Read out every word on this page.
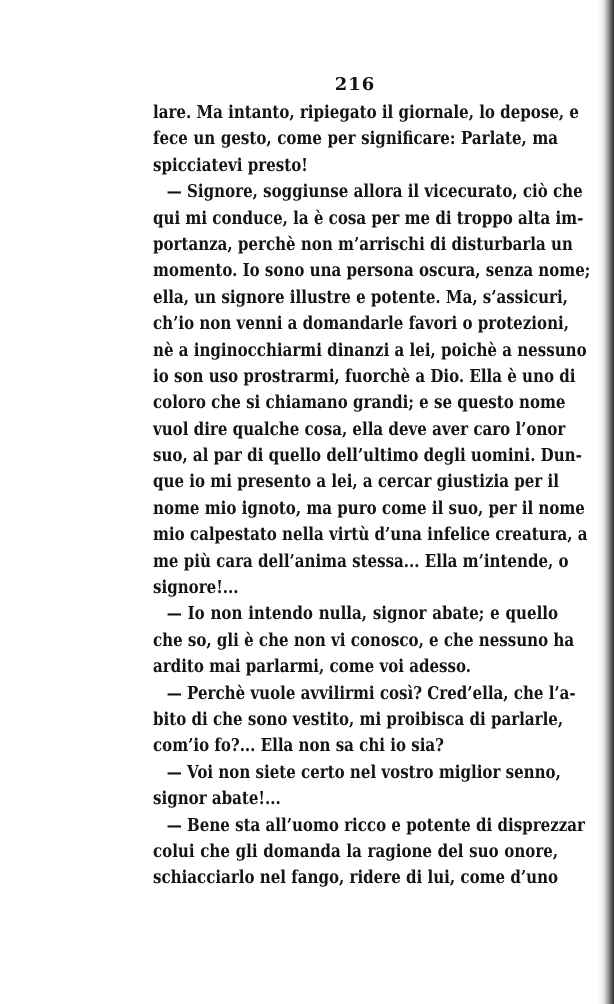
216
lare. Ma intanto, ripiegato il giornale, lo depose, e
fece un gesto, come per significare: Parlate, ma
spicciatevi presto!
— Signore, soggiunse allora il vicecurato, ciò che
qui mi conduce, la è cosa per me di troppo alta im-
portanza, perchè non m’arrischi di disturbarla un
momento. Io sono una persona oscura, senza nome;
ella, un signore illustre e potente. Ma, s’assicuri,
ch’io non venni a domandarle favori o protezioni,
nè a inginocchiarmi dinanzi a lei, poichè a nessuno
io son uso prostrarmi, fuorchè a Dio. Ella è uno di
coloro che si chiamano grandi; e se questo nome
vuol dire qualche cosa, ella deve aver caro l’onor
suo, al par di quello dell’ultimo degli uomini. Dun-
que io mi presento a lei, a cercar giustizia per il
nome mio ignoto, ma puro come il suo, per il nome
mio calpestato nella virtù d’una infelice creatura, a
me più cara dell’anima stessa... Ella m’intende, o
signore!...
— Io non intendo nulla, signor abate; e quello
che so, gli è che non vi conosco, e che nessuno ha
ardito mai parlarmi, come voi adesso.
— Perchè vuole avvilirmi così? Cred’ella, che l’a-
bito di che sono vestito, mi proibisca di parlarle,
com’io fo?... Ella non sa chi io sia?
— Voi non siete certo nel vostro miglior senno,
signor abate!...
— Bene sta all’uomo ricco e potente di disprezzar
colui che gli domanda la ragione del suo onore,
schiacciarlo nel fango, ridere di lui, come d’uno
